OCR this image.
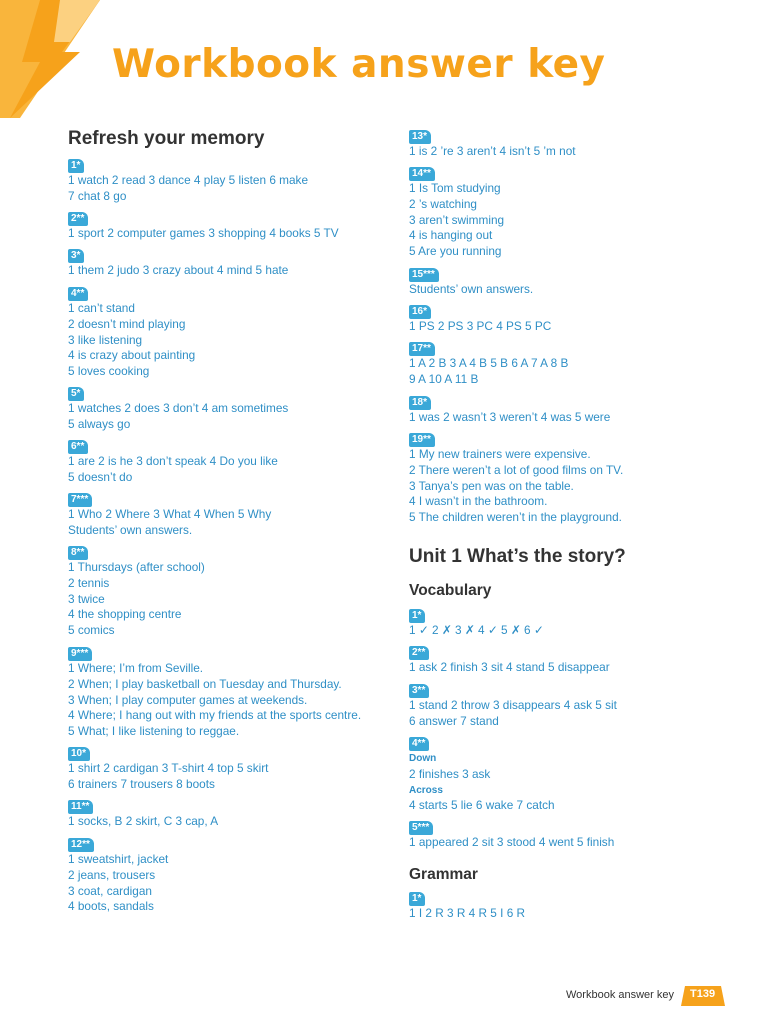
Workbook answer key
Refresh your memory
1*
1 watch 2 read 3 dance 4 play 5 listen 6 make
7 chat 8 go
2**
1 sport 2 computer games 3 shopping 4 books 5 TV
3*
1 them 2 judo 3 crazy about 4 mind 5 hate
4**
1 can’t stand
2 doesn’t mind playing
3 like listening
4 is crazy about painting
5 loves cooking
5*
1 watches 2 does 3 don’t 4 am sometimes
5 always go
6**
1 are 2 is he 3 don’t speak 4 Do you like
5 doesn’t do
7***
1 Who 2 Where 3 What 4 When 5 Why
Students’ own answers.
8**
1 Thursdays (after school)
2 tennis
3 twice
4 the shopping centre
5 comics
9***
1 Where; I’m from Seville.
2 When; I play basketball on Tuesday and Thursday.
3 When; I play computer games at weekends.
4 Where; I hang out with my friends at the sports centre.
5 What; I like listening to reggae.
10*
1 shirt 2 cardigan 3 T-shirt 4 top 5 skirt
6 trainers 7 trousers 8 boots
11**
1 socks, B 2 skirt, C 3 cap, A
12**
1 sweatshirt, jacket
2 jeans, trousers
3 coat, cardigan
4 boots, sandals
13*
1 is 2 ’re 3 aren’t 4 isn’t 5 ’m not
14**
1 Is Tom studying
2 ’s watching
3 aren’t swimming
4 is hanging out
5 Are you running
15***
Students’ own answers.
16*
1 PS 2 PS 3 PC 4 PS 5 PC
17**
1 A 2 B 3 A 4 B 5 B 6 A 7 A 8 B
9 A 10 A 11 B
18*
1 was 2 wasn’t 3 weren’t 4 was 5 were
19**
1 My new trainers were expensive.
2 There weren’t a lot of good films on TV.
3 Tanya’s pen was on the table.
4 I wasn’t in the bathroom.
5 The children weren’t in the playground.
Unit 1 What’s the story?
Vocabulary
1*
1 ✓ 2 ✗ 3 ✗ 4 ✓ 5 ✗ 6 ✓
2**
1 ask 2 finish 3 sit 4 stand 5 disappear
3**
1 stand 2 throw 3 disappears 4 ask 5 sit
6 answer 7 stand
4**
Down
2 finishes 3 ask
Across
4 starts 5 lie 6 wake 7 catch
5***
1 appeared 2 sit 3 stood 4 went 5 finish
Grammar
1*
1 I 2 R 3 R 4 R 5 I 6 R
Workbook answer key T139
